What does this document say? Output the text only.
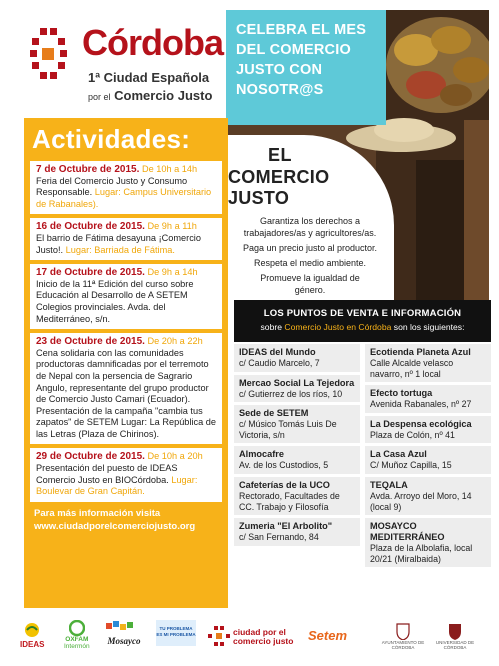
Córdoba
1ª Ciudad Española
por el Comercio Justo
CELEBRA EL MES
DEL COMERCIO
JUSTO CON
NOSOTR@S
EL
COMERCIO JUSTO
Garantiza los derechos a trabajadores/as y agricultores/as.
Paga un precio justo al productor.
Respeta el medio ambiente.
Promueve la igualdad de género.
Actividades:
7 de Octubre de 2015. De 10h a 14h
Feria del Comercio Justo y Consumo Responsable. Lugar: Campus Universitario de Rabanales).
16 de Octubre de 2015. De 9h a 11h
El barrio de Fátima desayuna ¡Comercio Justo!. Lugar: Barriada de Fátima.
17 de Octubre de 2015. De 9h a 14h
Inicio de la 11ª Edición del curso sobre Educación al Desarrollo de A SETEM Colegios provinciales. Avda. del Mediterráneo, s/n.
23 de Octubre de 2015. De 20h a 22h
Cena solidaria con las comunidades productoras damnificadas por el terremoto de Nepal con la persencia de Sagrario Angulo, representante del grupo productor de Comercio Justo Camari (Ecuador). Presentación de la campaña "cambia tus zapatos" de SETEM Lugar: La República de las Letras (Plaza de Chirinos).
29 de Octubre de 2015. De 10h a 20h
Presentación del puesto de IDEAS Comercio Justo en BIOCórdoba. Lugar: Boulevar de Gran Capitán.
Para más información visita
www.ciudadporelcomerciojusto.org
LOS PUNTOS DE VENTA E INFORMACIÓN
sobre Comercio Justo en Córdoba son los siguientes:
IDEAS del Mundo
c/ Caudio Marcelo, 7
Mercao Social La Tejedora
c/ Gutierrez de los ríos, 10
Sede de SETEM
c/ Músico Tomás Luis De Victoria, s/n
Almocafre
Av. de los Custodios, 5
Cafeterías de la UCO
Rectorado, Facultades de CC. Trabajo y Filosofía
Zumeria "El Arbolito"
c/ San Fernando, 84
Ecotienda Planeta Azul
Calle Alcalde velasco navarro, nº 1 local
Efecto tortuga
Avenida Rabanales, nº 27
La Despensa ecológica
Plaza de Colón, nº 41
La Casa Azul
C/ Muñoz Capilla, 15
TEQALA
Avda. Arroyo del Moro, 14 (local 9)
MOSAYCO MEDITERRÁNEO
Plaza de la Albolafia, local 20/21 (Miralbaida)
IDEAS
OXFAM
Intermón
Mosayco
TU PROBLEMA ES MI PROBLEMA	ciudad por el comercio justo	Setem	AYUNTAMIENTO DE CÓRDOBA
UNIVERSIDAD DE CÓRDOBA
